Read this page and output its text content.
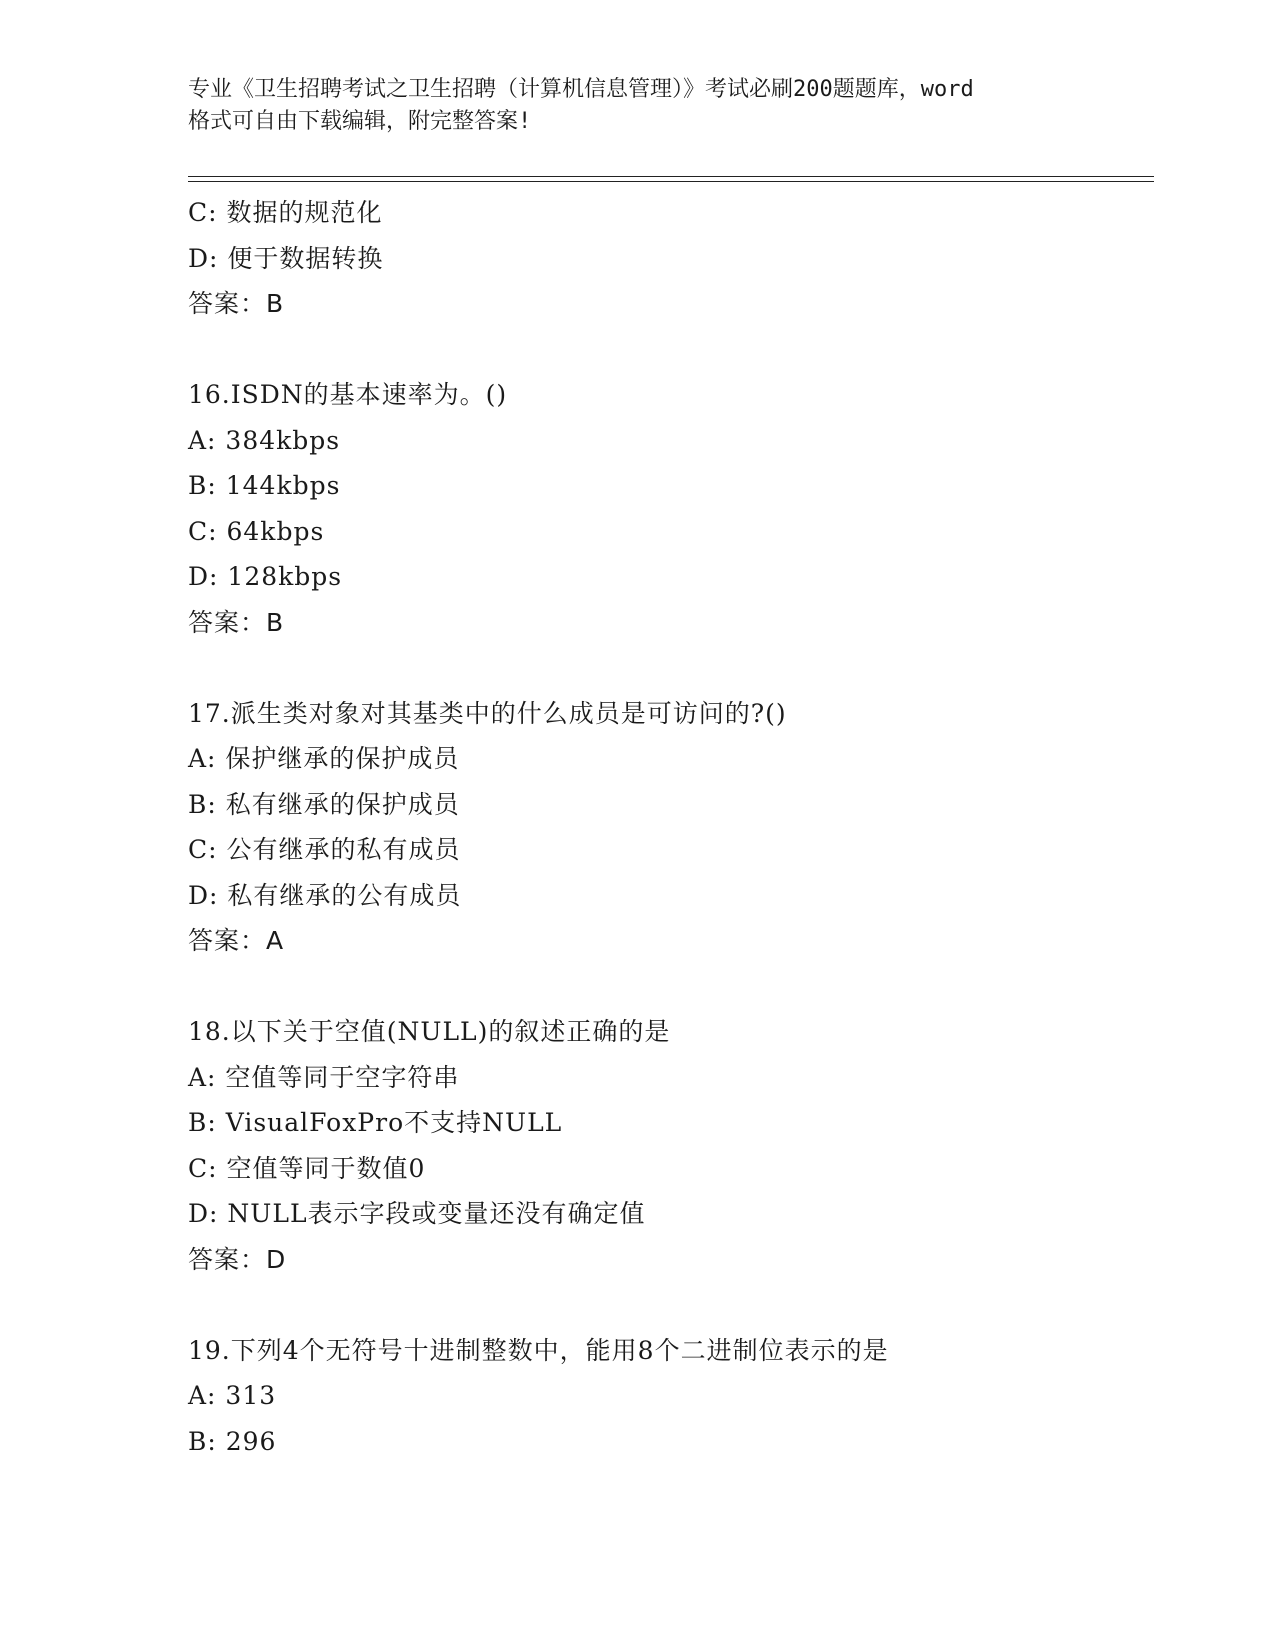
专业《卫生招聘考试之卫生招聘（计算机信息管理）》考试必刷200题题库，word
格式可自由下载编辑，附完整答案!
C: 数据的规范化
D: 便于数据转换
答案：B
16.ISDN的基本速率为。()
A: 384kbps
B: 144kbps
C: 64kbps
D: 128kbps
答案：B
17.派生类对象对其基类中的什么成员是可访问的?()
A: 保护继承的保护成员
B: 私有继承的保护成员
C: 公有继承的私有成员
D: 私有继承的公有成员
答案：A
18.以下关于空值(NULL)的叙述正确的是
A: 空值等同于空字符串
B: VisualFoxPro不支持NULL
C: 空值等同于数值0
D: NULL表示字段或变量还没有确定值
答案：D
19.下列4个无符号十进制整数中，能用8个二进制位表示的是
A: 313
B: 296
